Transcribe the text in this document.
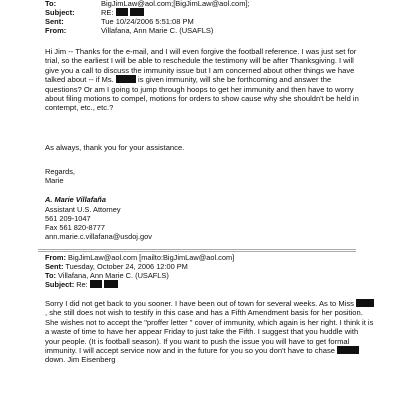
To:	BigJimLaw@aol.com;[BigJimLaw@aol.com];
Subject:	RE:
Sent:	Tue 10/24/2006 5:51:08 PM
From:	Villafana, Ann Marie C. (USAFLS)
Hi Jim -- Thanks for the e-mail, and I will even forgive the football reference. I was just set for trial, so the earliest I will be able to reschedule the testimony will be after Thanksgiving. I will give you a call to discuss the immunity issue but I am concerned about other things we have talked about -- if Ms.	is given immunity, will she be forthcoming and answer the questions? Or am I going to jump through hoops to get her immunity and then have to worry about filing motions to compel, motions for orders to show cause why she shouldn't be held in contempt, etc., etc.?
As always, thank you for your assistance.
Regards,
Marie
A. Marie Villafaña
Assistant U.S. Attorney
561 209-1047
Fax 561 820-8777
ann.marie.c.villafana@usdoj.gov
From: BigJimLaw@aol.com [mailto:BigJimLaw@aol.com]
Sent: Tuesday, October 24, 2006 12:00 PM
To: Villafana, Ann Marie C. (USAFLS)
Subject: Re:
Sorry I did not get back to you sooner. I have been out of town for several weeks. As to Miss , she still does not wish to testify in this case and has a Fifth Amendment basis for her position. She wishes not to accept the "proffer letter " cover of immunity, which again is her right. I think it is a waste of time to have her appear Friday to just take the Fifth. I suggest that you huddle with your people. (It is football season). If you want to push the issue you will have to get formal immunity. I will accept service now and in the future for you so you don't have to chase  down. Jim Eisenberg
